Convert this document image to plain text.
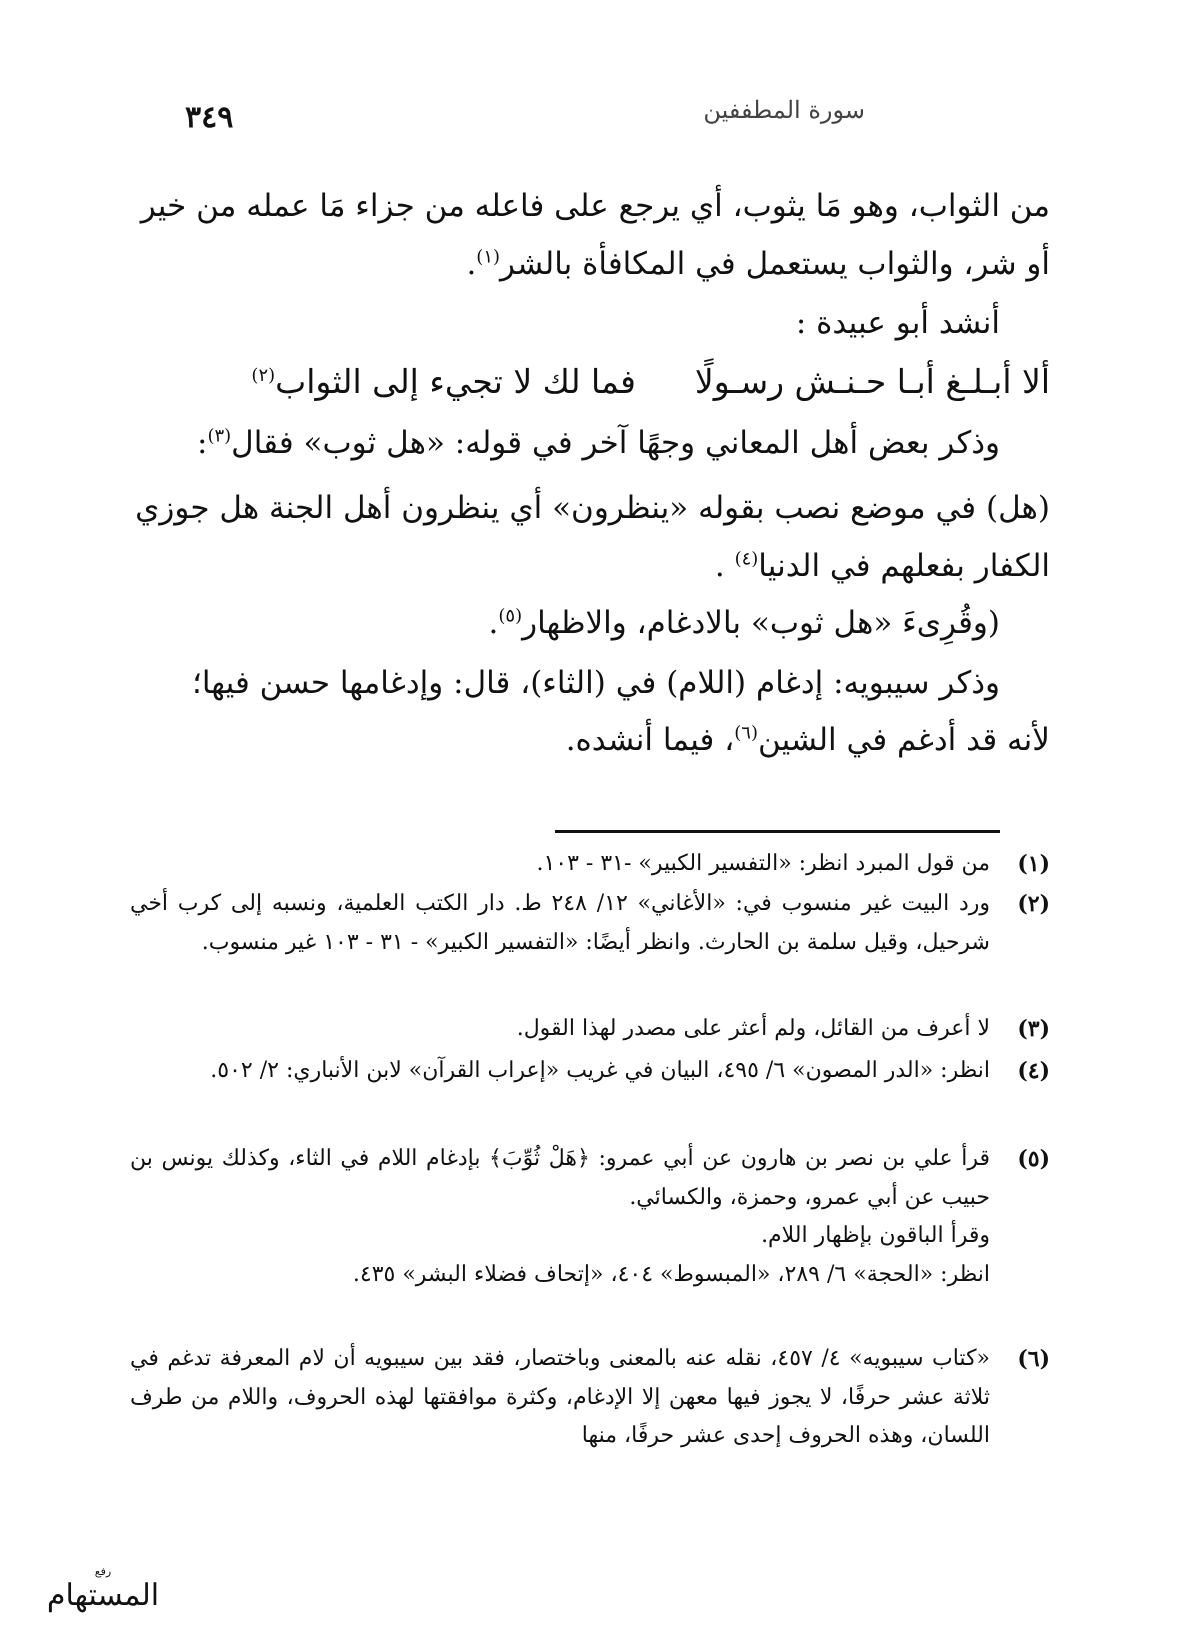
٣٤٩	سورة المطففين
من الثواب، وهو مَا يثوب، أي يرجع على فاعله من جزاء مَا عمله من خير
أو شر، والثواب يستعمل في المكافأة بالشر$^{(١)}$.
أنشد أبو عبيدة :
ألا أبـلـغ أبـا حـنـش رسـولًا  فما لك لا تجيء إلى الثواب$^{(٢)}$
وذكر بعض أهل المعاني وجهًا آخر في قوله: «هل ثوب» فقال$^{(٣)}$:
(هل) في موضع نصب بقوله «ينظرون» أي ينظرون أهل الجنة هل جوزي
الكفار بفعلهم في الدنيا$^{(٤)}$ .
(وقُرِىءَ «هل ثوب» بالادغام، والاظهار$^{(٥)}$.
وذكر سيبويه: إدغام (اللام) في (الثاء)، قال: وإدغامها حسن فيها؛
لأنه قد أدغم في الشين$^{(٦)}$، فيما أنشده.
(١)

من قول المبرد انظر: «التفسير الكبير» -٣١ - ١٠٣.

(٢)

ورد البيت غير منسوب في: «الأغاني» ١٢/ ٢٤٨ ط. دار الكتب العلمية، ونسبه إلى كرب أخي شرحيل، وقيل سلمة بن الحارث. وانظر أيضًا: «التفسير الكبير» - ٣١ - ١٠٣ غير منسوب.

(٣)

لا أعرف من القائل، ولم أعثر على مصدر لهذا القول.

(٤)

انظر: «الدر المصون» ٦/ ٤٩٥، البيان في غريب «إعراب القرآن» لابن الأنباري: ٢/ ٥٠٢.

(٥)

قرأ علي بن نصر بن هارون عن أبي عمرو: ﴿هَلْ ثُوِّبَ﴾ بإدغام اللام في الثاء، وكذلك يونس بن حبيب عن أبي عمرو، وحمزة، والكسائي.

وقرأ الباقون بإظهار اللام.

انظر: «الحجة» ٦/ ٢٨٩، «المبسوط» ٤٠٤، «إتحاف فضلاء البشر» ٤٣٥.

(٦)

«كتاب سيبويه» ٤/ ٤٥٧، نقله عنه بالمعنى وباختصار، فقد بين سيبويه أن لام المعرفة تدغم في ثلاثة عشر حرفًا، لا يجوز فيها معهن إلا الإدغام، وكثرة موافقتها لهذه الحروف، واللام من طرف اللسان، وهذه الحروف إحدى عشر حرفًا، منها

رفع
المستهام
